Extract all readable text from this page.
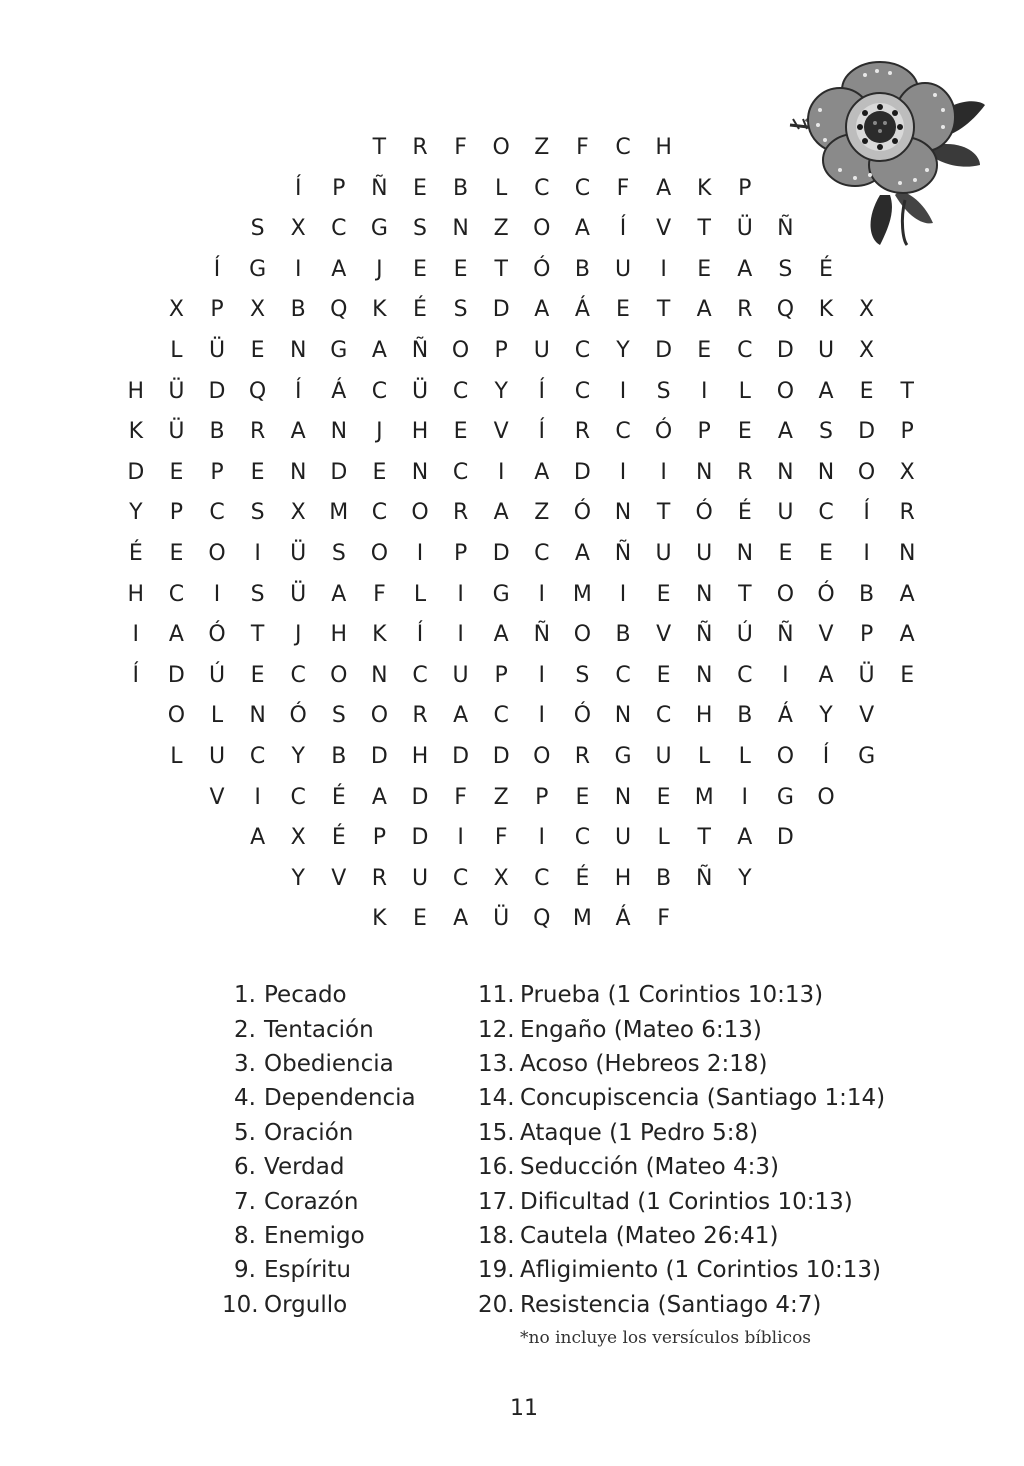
T	R	F	O	Z	F	C	H
Í	P	Ñ	E	B	L	C	C	F	A	K	P
S	X	C	G	S	N	Z	O	A	Í	V	T	Ü	Ñ
Í	G	I	A	J	E	E	T	Ó	B	U	I	E	A	S	É
X	P	X	B	Q	K	É	S	D	A	Á	E	T	A	R	Q	K	X
L	Ü	E	N	G	A	Ñ	O	P	U	C	Y	D	E	C	D	U	X
H	Ü	D	Q	Í	Á	C	Ü	C	Y	Í	C	I	S	I	L	O	A	E	T
K	Ü	B	R	A	N	J	H	E	V	Í	R	C	Ó	P	E	A	S	D	P
D	E	P	E	N	D	E	N	C	I	A	D	I	I	N	R	N	N	O	X
Y	P	C	S	X	M	C	O	R	A	Z	Ó	N	T	Ó	É	U	C	Í	R
É	E	O	I	Ü	S	O	I	P	D	C	A	Ñ	U	U	N	E	E	I	N
H	C	I	S	Ü	A	F	L	I	G	I	M	I	E	N	T	O	Ó	B	A
I	A	Ó	T	J	H	K	Í	I	A	Ñ	O	B	V	Ñ	Ú	Ñ	V	P	A
Í	D	Ú	E	C	O	N	C	U	P	I	S	C	E	N	C	I	A	Ü	E
O	L	N	Ó	S	O	R	A	C	I	Ó	N	C	H	B	Á	Y	V
L	U	C	Y	B	D	H	D	D	O	R	G	U	L	L	O	Í	G
V	I	C	É	A	D	F	Z	P	E	N	E	M	I	G	O
A	X	É	P	D	I	F	I	C	U	L	T	A	D
Y	V	R	U	C	X	C	É	H	B	Ñ	Y
K	E	A	Ü	Q	M	Á	F
1. Pecado
2. Tentación
3. Obediencia
4. Dependencia
5. Oración
6. Verdad
7. Corazón
8. Enemigo
9. Espíritu
10. Orgullo
11. Prueba (1 Corintios 10:13)
12. Engaño (Mateo 6:13)
13. Acoso (Hebreos 2:18)
14. Concupiscencia (Santiago 1:14)
15. Ataque (1 Pedro 5:8)
16. Seducción (Mateo 4:3)
17. Dificultad (1 Corintios 10:13)
18. Cautela (Mateo 26:41)
19. Afligimiento (1 Corintios 10:13)
20. Resistencia (Santiago 4:7)
*no incluye los versículos bíblicos
11
